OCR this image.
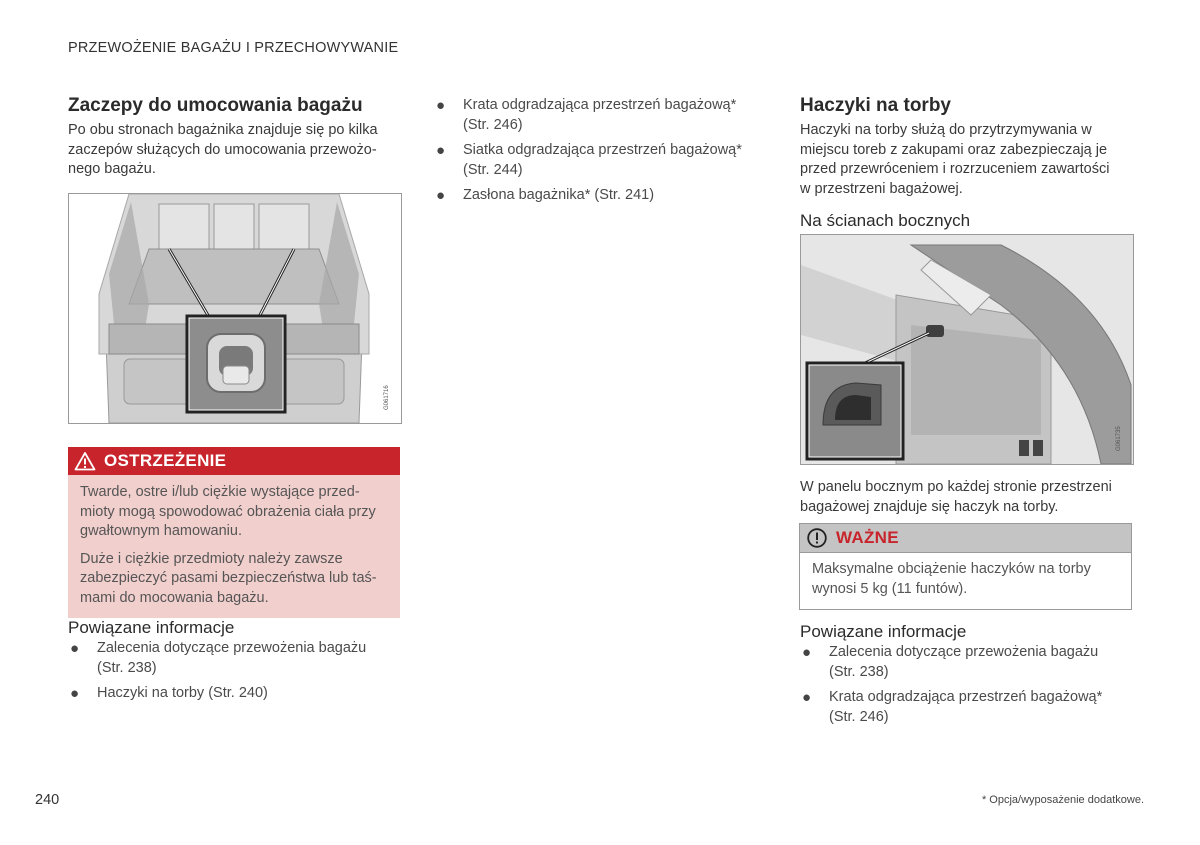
PRZEWOŻENIE BAGAŻU I PRZECHOWYWANIE
Zaczepy do umocowania bagażu
Po obu stronach bagażnika znajduje się po kilka
zaczepów służących do umocowania przewożo-
nego bagażu.
G061716
OSTRZEŻENIE

Twarde, ostre i/lub ciężkie wystające przed-
mioty mogą spowodować obrażenia ciała przy
gwałtownym hamowaniu.

Duże i ciężkie przedmioty należy zawsze
zabezpieczyć pasami bezpieczeństwa lub taś-
mami do mocowania bagażu.

Powiązane informacje
● Zalecenia dotyczące przewożenia bagażu
(Str. 238)
● Haczyki na torby (Str. 240)
● Krata odgradzająca przestrzeń bagażową*
(Str. 246)
● Siatka odgradzająca przestrzeń bagażową*
(Str. 244)
● Zasłona bagażnika* (Str. 241)
Haczyki na torby
Haczyki na torby służą do przytrzymywania w
miejscu toreb z zakupami oraz zabezpieczają je
przed przewróceniem i rozrzuceniem zawartości
w przestrzeni bagażowej.
Na ścianach bocznych
G061735
W panelu bocznym po każdej stronie przestrzeni
bagażowej znajduje się haczyk na torby.
WAŻNE

Maksymalne obciążenie haczyków na torby
wynosi 5 kg (11 funtów).

Powiązane informacje
● Zalecenia dotyczące przewożenia bagażu
(Str. 238)
● Krata odgradzająca przestrzeń bagażową*
(Str. 246)
240	* Opcja/wyposażenie dodatkowe.
